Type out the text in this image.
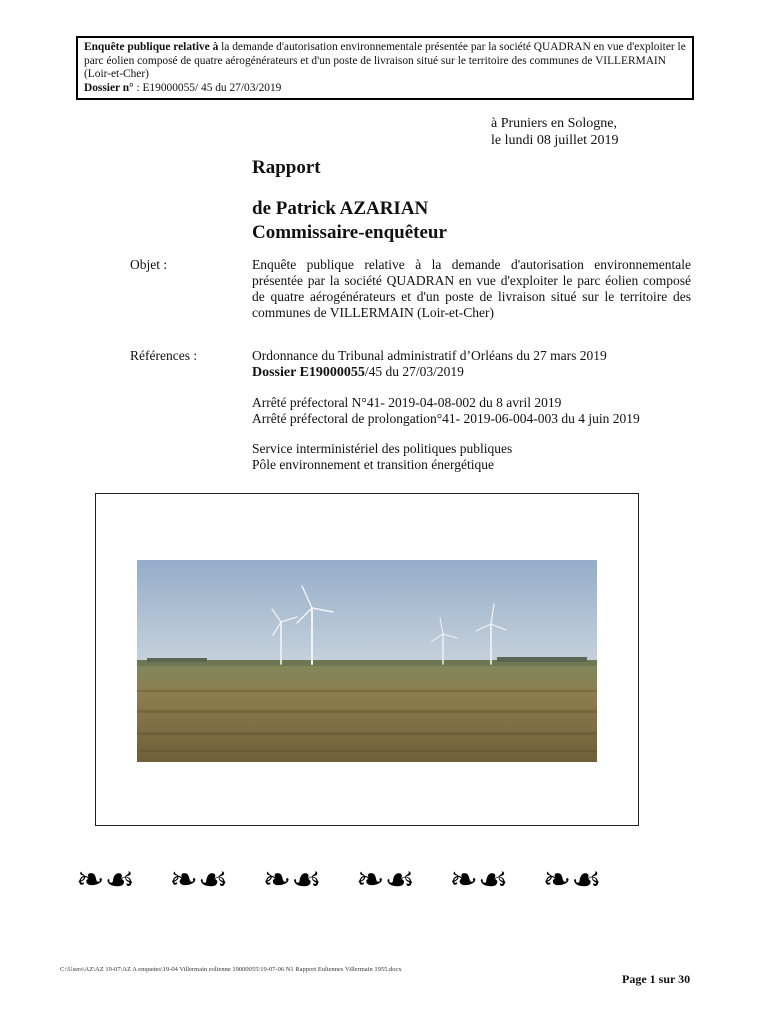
Enquête publique relative à la demande d'autorisation environnementale présentée par la société QUADRAN en vue d'exploiter le parc éolien composé de quatre aérogénérateurs et d'un poste de livraison situé sur le territoire des communes de VILLERMAIN (Loir-et-Cher)
Dossier n° : E19000055/ 45 du 27/03/2019
à Pruniers en Sologne,
le lundi 08 juillet 2019
Rapport
de Patrick AZARIAN
Commissaire-enquêteur
Objet :	Enquête publique relative à la demande d'autorisation environnementale présentée par la société QUADRAN en vue d'exploiter le parc éolien composé de quatre aérogénérateurs et d'un poste de livraison situé sur le territoire des communes de VILLERMAIN (Loir-et-Cher)
Références :	Ordonnance du Tribunal administratif d’Orléans du 27 mars 2019
Dossier E19000055/45 du 27/03/2019
Arrêté préfectoral N°41- 2019-04-08-002 du 8 avril 2019
Arrêté préfectoral de prolongation°41- 2019-06-004-003 du 4 juin 2019
Service interministériel des politiques publiques
Pôle environnement et transition énergétique
❧☙ ❧☙ ❧☙ ❧☙ ❧☙ ❧☙
C:\Users\AZ\AZ 19-07\AZ A enquetes\19-04 Villermain eolienne 19000055\19-07-06 N1 Rapport Eoliennes Villermain 1955.docx
Page 1 sur 30
